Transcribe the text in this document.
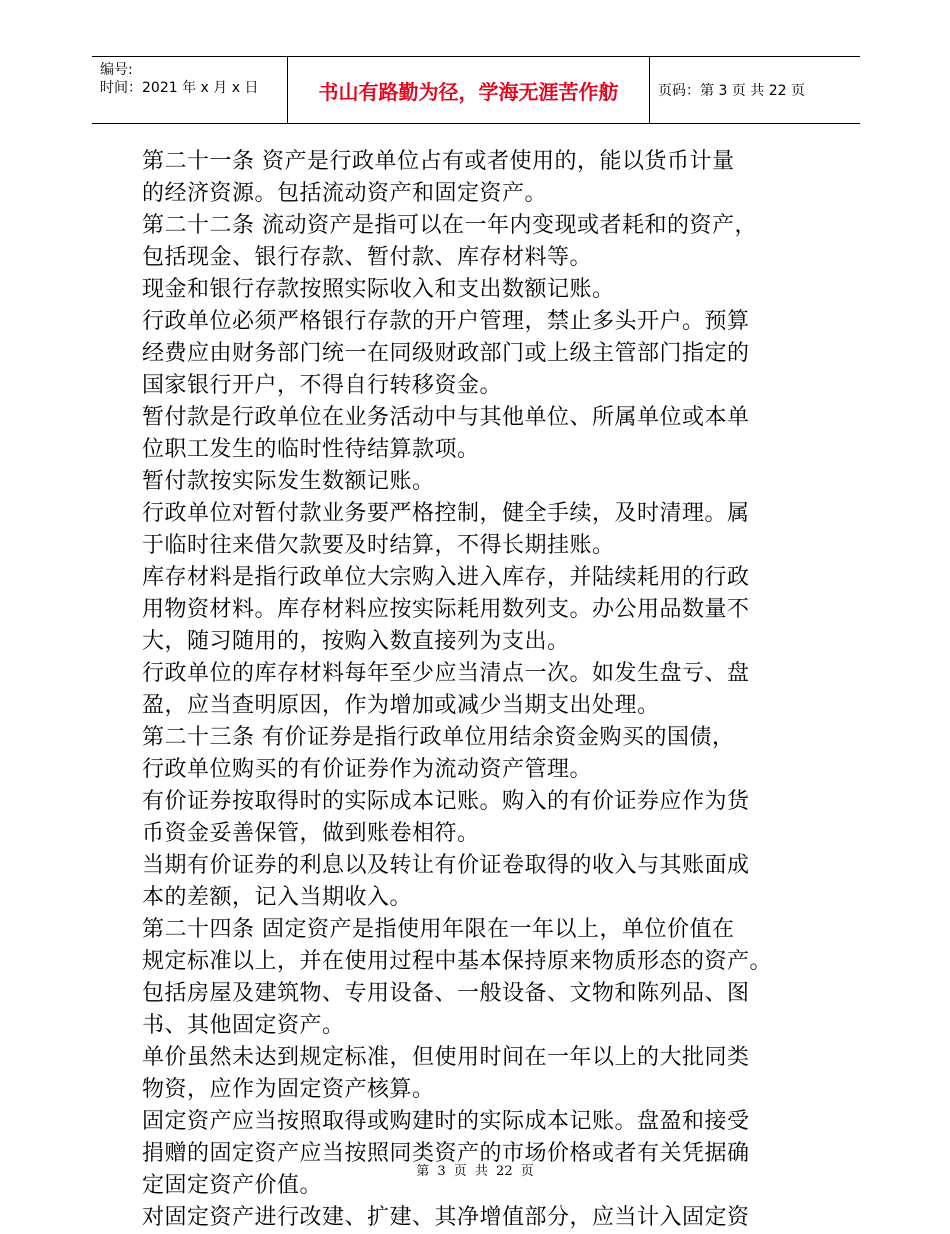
编号:
时间：2021 年 x 月 x 日	书山有路勤为径，学海无涯苦作舫	页码：第 3 页 共 22 页

第二十一条 资产是行政单位占有或者使用的，能以货币计量

的经济资源。包括流动资产和固定资产。

第二十二条 流动资产是指可以在一年内变现或者耗和的资产，

包括现金、银行存款、暂付款、库存材料等。

现金和银行存款按照实际收入和支出数额记账。

行政单位必须严格银行存款的开户管理，禁止多头开户。预算

经费应由财务部门统一在同级财政部门或上级主管部门指定的

国家银行开户，不得自行转移资金。

暂付款是行政单位在业务活动中与其他单位、所属单位或本单

位职工发生的临时性待结算款项。

暂付款按实际发生数额记账。

行政单位对暂付款业务要严格控制，健全手续，及时清理。属

于临时往来借欠款要及时结算，不得长期挂账。

库存材料是指行政单位大宗购入进入库存，并陆续耗用的行政

用物资材料。库存材料应按实际耗用数列支。办公用品数量不

大，随习随用的，按购入数直接列为支出。

行政单位的库存材料每年至少应当清点一次。如发生盘亏、盘

盈，应当查明原因，作为增加或减少当期支出处理。

第二十三条 有价证券是指行政单位用结余资金购买的国债，

行政单位购买的有价证券作为流动资产管理。

有价证券按取得时的实际成本记账。购入的有价证券应作为货

币资金妥善保管，做到账卷相符。

当期有价证券的利息以及转让有价证卷取得的收入与其账面成

本的差额，记入当期收入。

第二十四条 固定资产是指使用年限在一年以上，单位价值在

规定标准以上，并在使用过程中基本保持原来物质形态的资产。

包括房屋及建筑物、专用设备、一般设备、文物和陈列品、图

书、其他固定资产。

单价虽然未达到规定标准，但使用时间在一年以上的大批同类

物资，应作为固定资产核算。

固定资产应当按照取得或购建时的实际成本记账。盘盈和接受

捐赠的固定资产应当按照同类资产的市场价格或者有关凭据确

定固定资产价值。

对固定资产进行改建、扩建、其净增值部分，应当计入固定资

第 3 页 共 22 页
